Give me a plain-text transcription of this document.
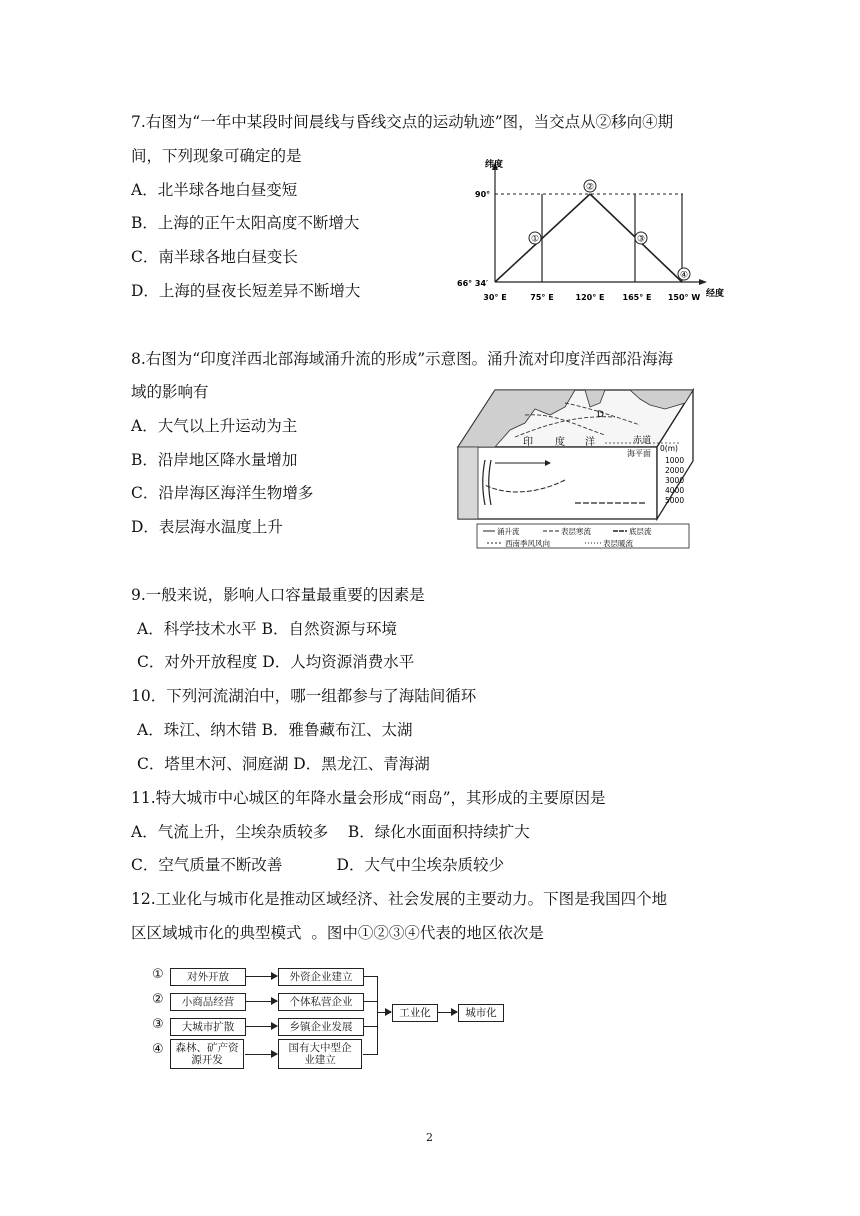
7.右图为“一年中某段时间晨线与昏线交点的运动轨迹”图，当交点从②移向④期
间，下列现象可确定的是
A．北半球各地白昼变短
B．上海的正午太阳高度不断增大
C．南半球各地白昼变长
D．上海的昼夜长短差异不断增大
①
②
③
④
纬度
经度
90°
66° 34′
30° E	75° E	120° E 165° E 150° W
8.右图为“印度洋西北部海域涌升流的形成”示意图。涌升流对印度洋西部沿海海
域的影响有
A．大气以上升运动为主
B．沿岸地区降水量增加
C．沿岸海区海洋生物增多
D．表层海水温度上升
印 度 洋	赤道
D
海平面
0(m)
1000
2000
3000
4000
5000
涌升流	表层寒流	底层流
西南季风风向	表层暖流
9.一般来说，影响人口容量最重要的因素是
A．科学技术水平 B．自然资源与环境
C．对外开放程度 D．人均资源消费水平
10．下列河流湖泊中，哪一组都参与了海陆间循环
A．珠江、纳木错 B．雅鲁藏布江、太湖
C．塔里木河、洞庭湖 D．黑龙江、青海湖
11.特大城市中心城区的年降水量会形成“雨岛”，其形成的主要原因是
A．气流上升，尘埃杂质较多    B．绿化水面面积持续扩大
C．空气质量不断改善           D．大气中尘埃杂质较少
12.工业化与城市化是推动区域经济、社会发展的主要动力。下图是我国四个地
区区域城市化的典型模式  。图中①②③④代表的地区依次是
①
②
③
④
对外开放
小商品经营
大城市扩散
森林、矿产资源开发
外资企业建立
个体私营企业
乡镇企业发展
国有大中型企业建立
工业化	城市化
2
